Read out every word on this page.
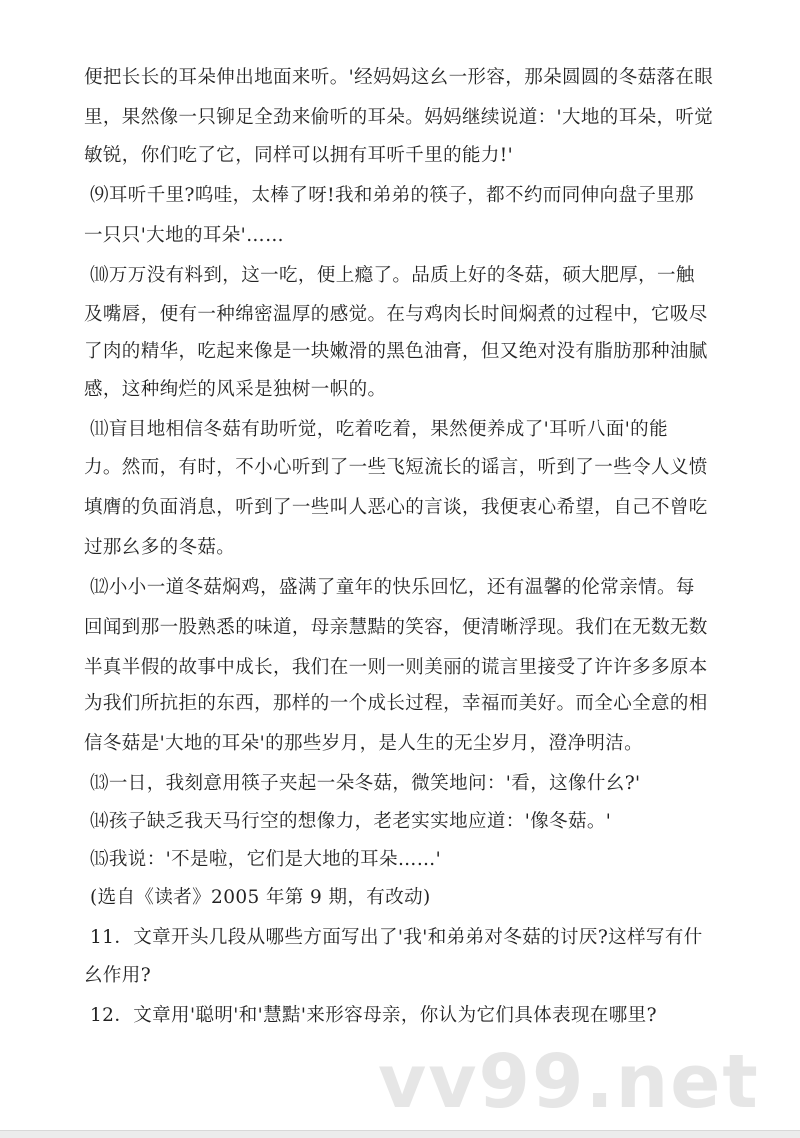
便把长长的耳朵伸出地面来听。'经妈妈这幺一形容，那朵圆圆的冬菇落在眼
里，果然像一只铆足全劲来偷听的耳朵。妈妈继续说道：'大地的耳朵，听觉
敏锐，你们吃了它，同样可以拥有耳听千里的能力!'
⑼耳听千里?呜哇，太棒了呀!我和弟弟的筷子，都不约而同伸向盘子里那
一只只'大地的耳朵'……
⑽万万没有料到，这一吃，便上瘾了。品质上好的冬菇，硕大肥厚，一触
及嘴唇，便有一种绵密温厚的感觉。在与鸡肉长时间焖煮的过程中，它吸尽
了肉的精华，吃起来像是一块嫩滑的黑色油膏，但又绝对没有脂肪那种油腻
感，这种绚烂的风采是独树一帜的。
⑾盲目地相信冬菇有助听觉，吃着吃着，果然便养成了'耳听八面'的能
力。然而，有时，不小心听到了一些飞短流长的谣言，听到了一些令人义愤
填膺的负面消息，听到了一些叫人恶心的言谈，我便衷心希望，自己不曾吃
过那幺多的冬菇。
⑿小小一道冬菇焖鸡，盛满了童年的快乐回忆，还有温馨的伦常亲情。每
回闻到那一股熟悉的味道，母亲慧黠的笑容，便清晰浮现。我们在无数无数
半真半假的故事中成长，我们在一则一则美丽的谎言里接受了许许多多原本
为我们所抗拒的东西，那样的一个成长过程，幸福而美好。而全心全意的相
信冬菇是'大地的耳朵'的那些岁月，是人生的无尘岁月，澄净明洁。
⒀一日，我刻意用筷子夹起一朵冬菇，微笑地问：'看，这像什幺?'
⒁孩子缺乏我天马行空的想像力，老老实实地应道：'像冬菇。'
⒂我说：'不是啦，它们是大地的耳朵……'
(选自《读者》2005 年第 9 期，有改动)
11．文章开头几段从哪些方面写出了'我'和弟弟对冬菇的讨厌?这样写有什
幺作用?
12．文章用'聪明'和'慧黠'来形容母亲，你认为它们具体表现在哪里?
vv99.net
